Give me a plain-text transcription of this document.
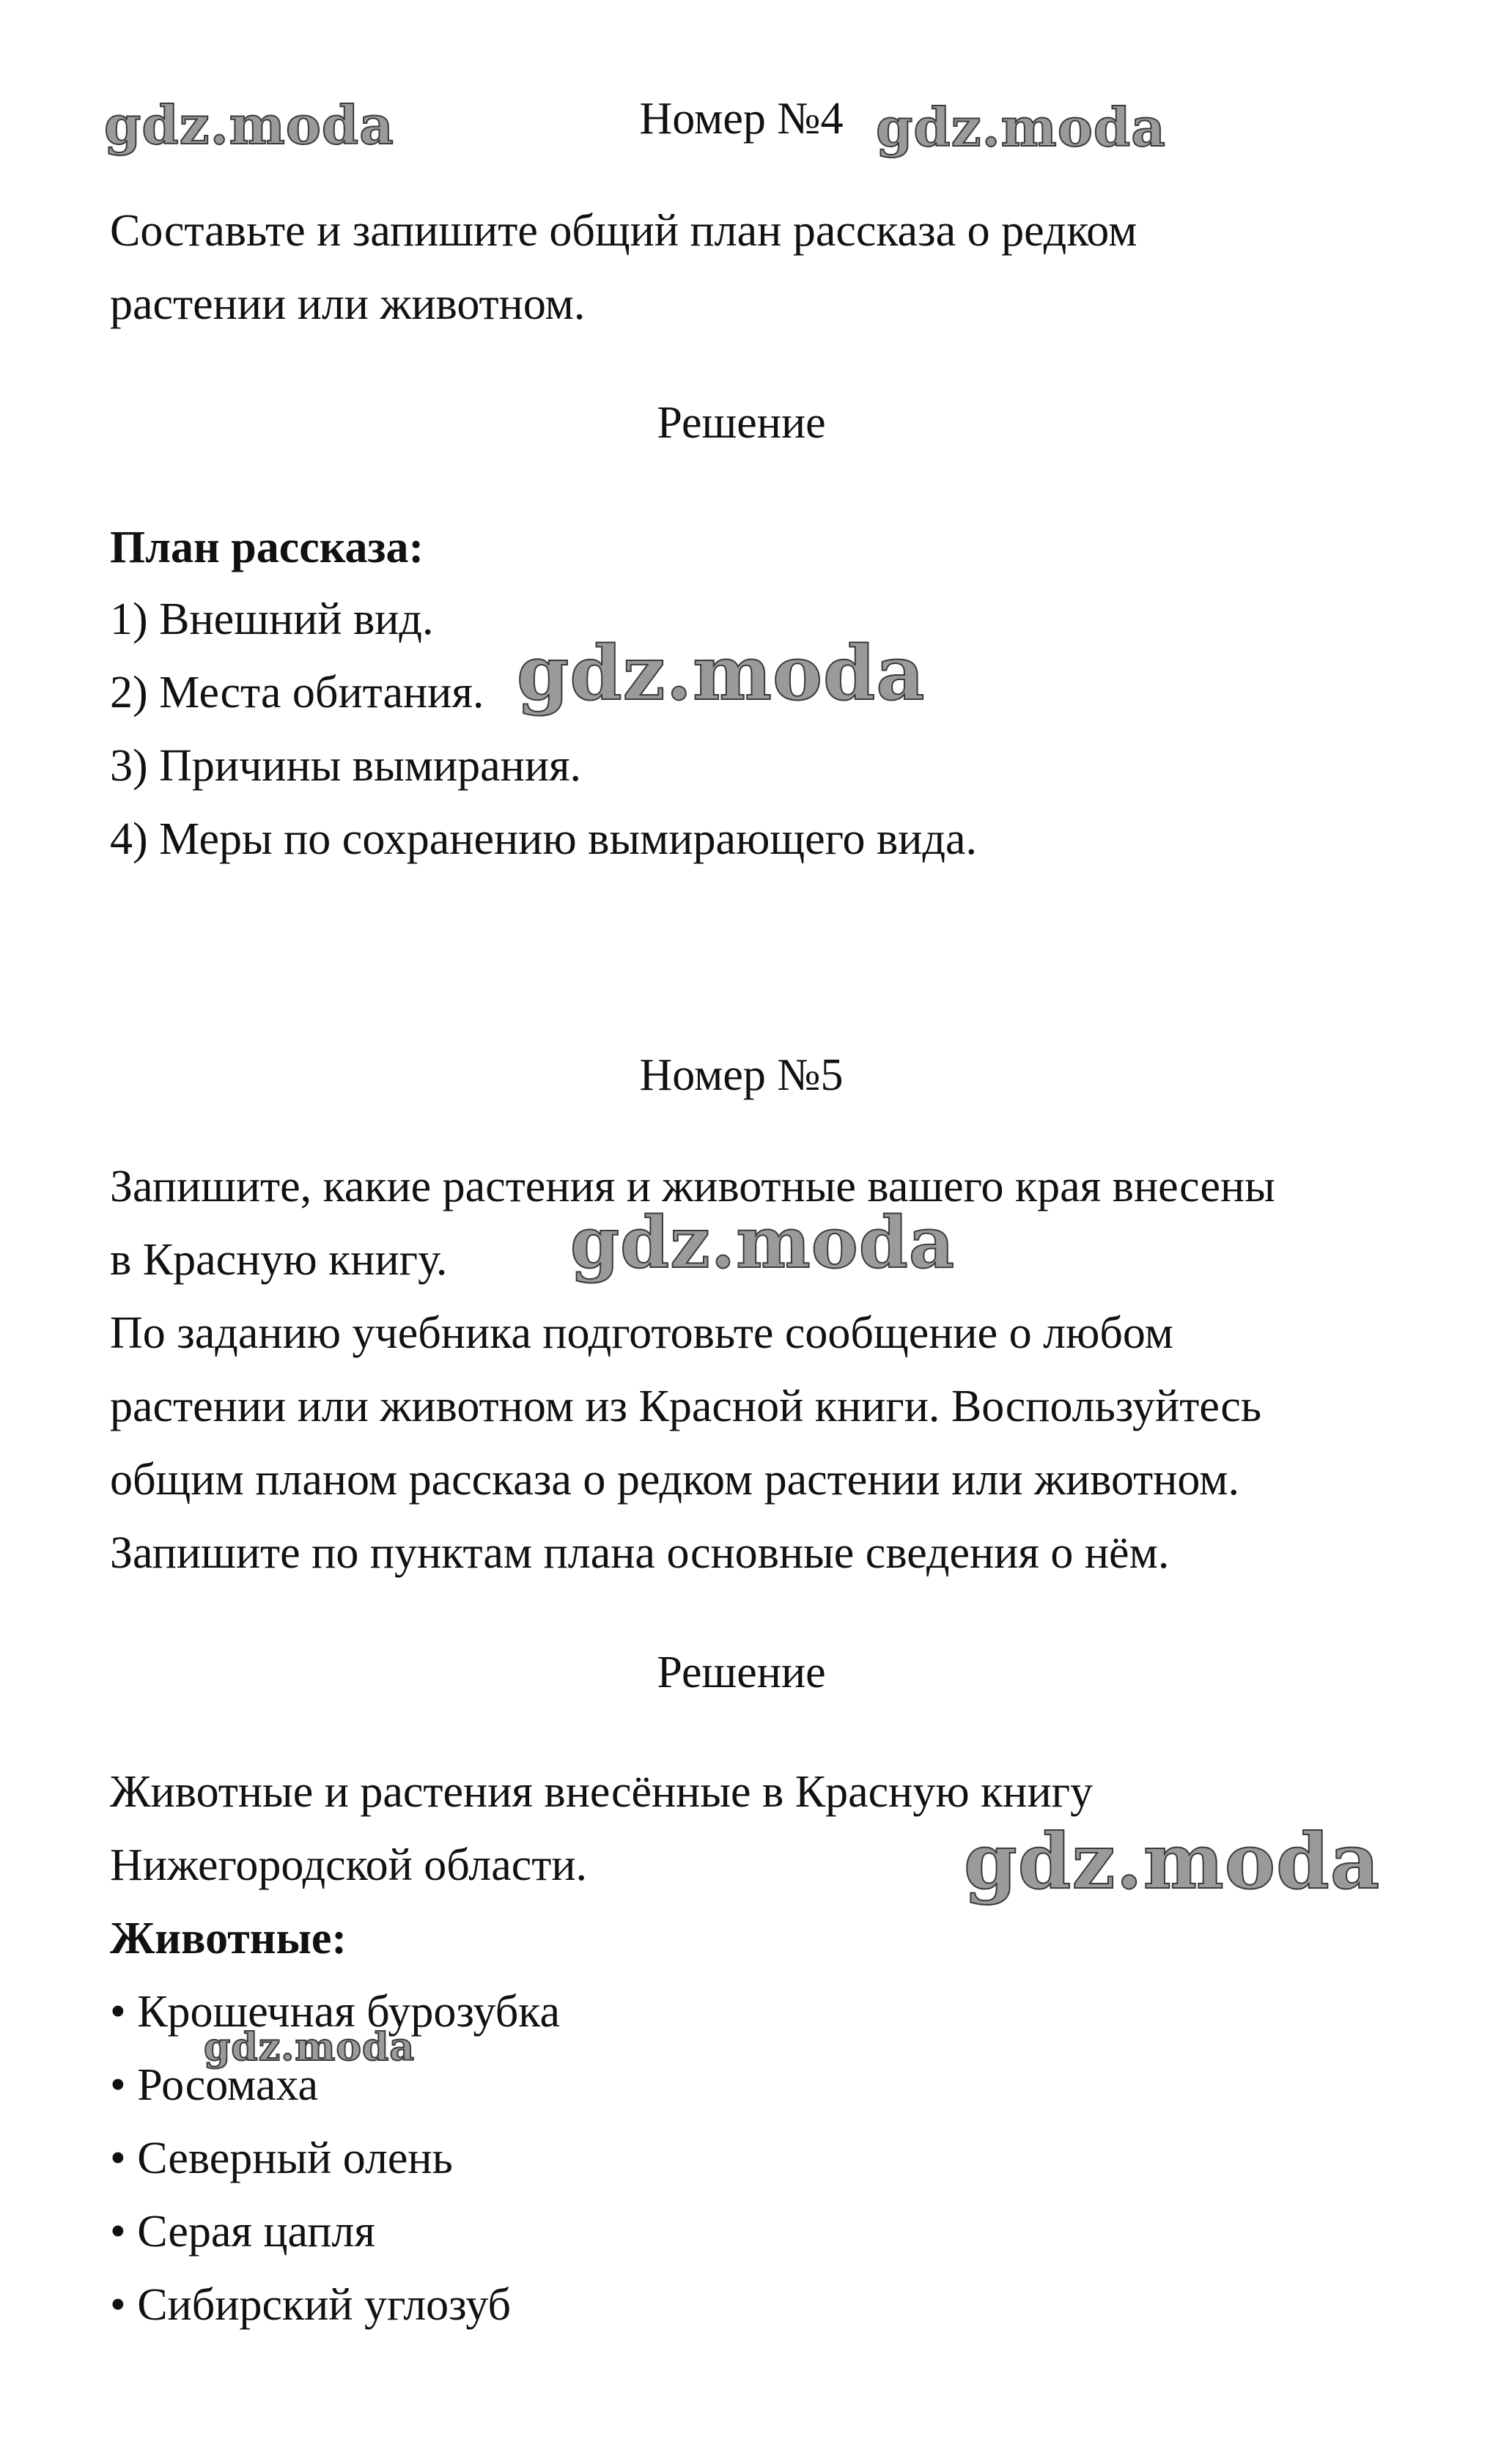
Номер №4
Составьте и запишите общий план рассказа о редком
растении или животном.
Решение
План рассказа:
1) Внешний вид.
2) Места обитания.
3) Причины вымирания.
4) Меры по сохранению вымирающего вида.
Номер №5
Запишите, какие растения и животные вашего края внесены
в Красную книгу.
По заданию учебника подготовьте сообщение о любом
растении или животном из Красной книги. Воспользуйтесь
общим планом рассказа о редком растении или животном.
Запишите по пунктам плана основные сведения о нём.
Решение
Животные и растения внесённые в Красную книгу
Нижегородской области.
Животные:
• Крошечная бурозубка
• Росомаха
• Северный олень
• Серая цапля
• Сибирский углозуб
gdz.moda	gdz.moda
gdz.moda
gdz.moda
gdz.moda
gdz.moda
